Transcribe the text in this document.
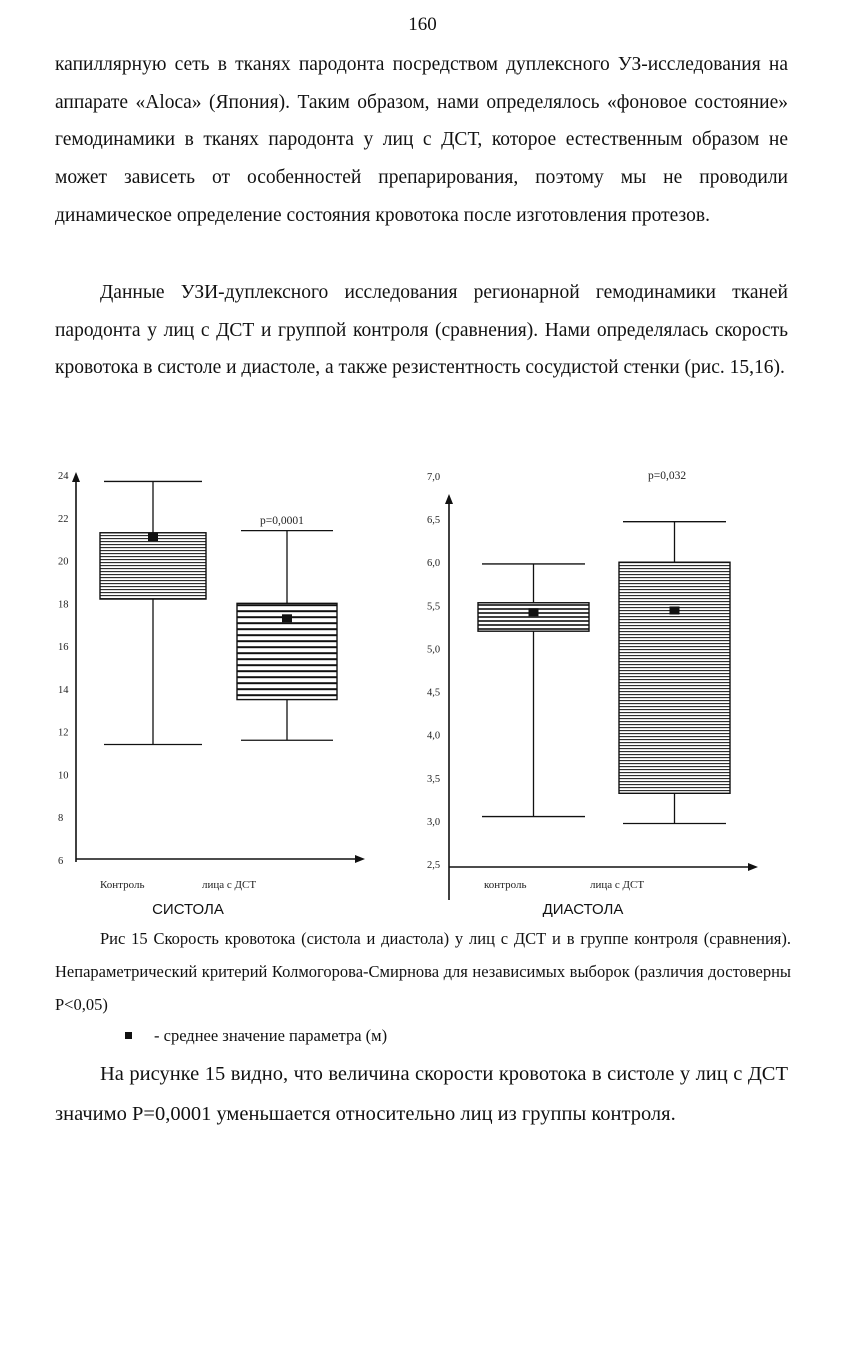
160

капиллярную сеть в тканях пародонта посредством дуплексного УЗ-исследования на аппарате «Aloca» (Япония). Таким образом, нами определялось «фоновое состояние» гемодинамики в тканях пародонта у лиц с ДСТ, которое естественным образом не может зависеть от особенностей препарирования, поэтому мы не проводили динамическое определение состояния кровотока после изготовления протезов.

Данные УЗИ-дуплексного исследования регионарной гемодинамики тканей пародонта у лиц с ДСТ и группой контроля (сравнения). Нами определялась скорость кровотока в систоле и диастоле, а также резистентность сосудистой стенки (рис. 15,16).

24
22
20
18
16
14
12
10
8
6
Контроль	лица с ДСТ
p=0,0001
СИСТОЛА
7,0
6,5
6,0
5,5
5,0
4,5
4,0
3,5
3,0
2,5
контроль	лица с ДСТ
p=0,032
ДИАСТОЛА

Рис 15 Скорость кровотока (систола и диастола) у лиц с ДСТ и в группе контроля (сравнения). Непараметрический критерий Колмогорова-Смирнова для независимых выборок (различия достоверны P<0,05)

- среднее значение параметра (м)

На рисунке 15 видно, что величина скорости кровотока в систоле у лиц с ДСТ значимо P=0,0001 уменьшается относительно лиц из группы контроля.
